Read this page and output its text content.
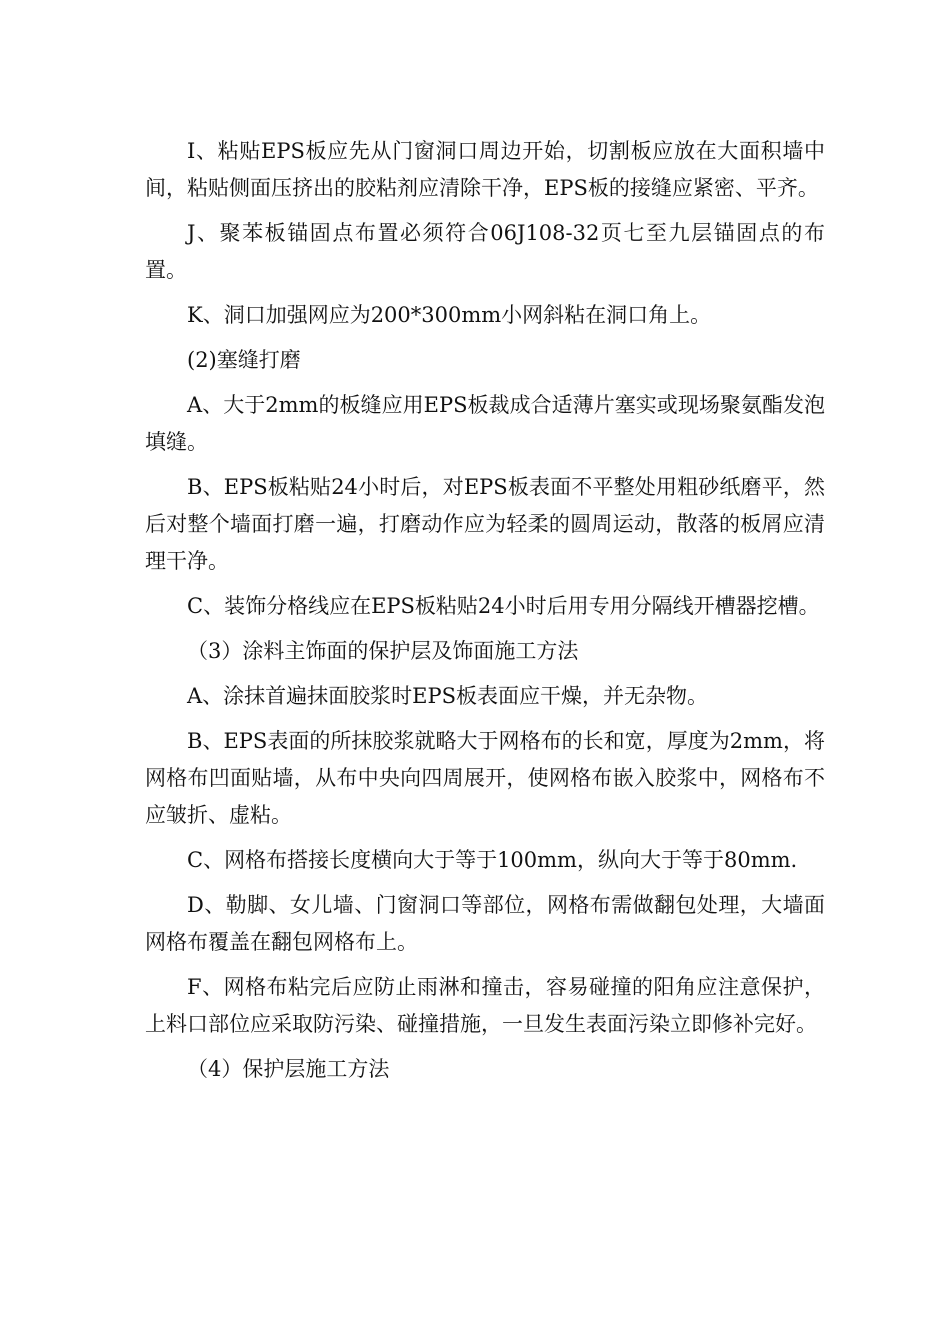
I、粘贴EPS板应先从门窗洞口周边开始，切割板应放在大面积墙中间，粘贴侧面压挤出的胶粘剂应清除干净，EPS板的接缝应紧密、平齐。

J、聚苯板锚固点布置必须符合06J108-32页七至九层锚固点的布置。

K、洞口加强网应为200*300mm小网斜粘在洞口角上。

(2)塞缝打磨

A、大于2mm的板缝应用EPS板裁成合适薄片塞实或现场聚氨酯发泡填缝。

B、EPS板粘贴24小时后，对EPS板表面不平整处用粗砂纸磨平，然后对整个墙面打磨一遍，打磨动作应为轻柔的圆周运动，散落的板屑应清理干净。

C、装饰分格线应在EPS板粘贴24小时后用专用分隔线开槽器挖槽。

（3）涂料主饰面的保护层及饰面施工方法

A、涂抹首遍抹面胶浆时EPS板表面应干燥，并无杂物。

B、EPS表面的所抹胶浆就略大于网格布的长和宽，厚度为2mm，将网格布凹面贴墙，从布中央向四周展开，使网格布嵌入胶浆中，网格布不应皱折、虚粘。

C、网格布搭接长度横向大于等于100mm，纵向大于等于80mm.

D、勒脚、女儿墙、门窗洞口等部位，网格布需做翻包处理，大墙面网格布覆盖在翻包网格布上。

F、网格布粘完后应防止雨淋和撞击，容易碰撞的阳角应注意保护，上料口部位应采取防污染、碰撞措施，一旦发生表面污染立即修补完好。

（4）保护层施工方法
